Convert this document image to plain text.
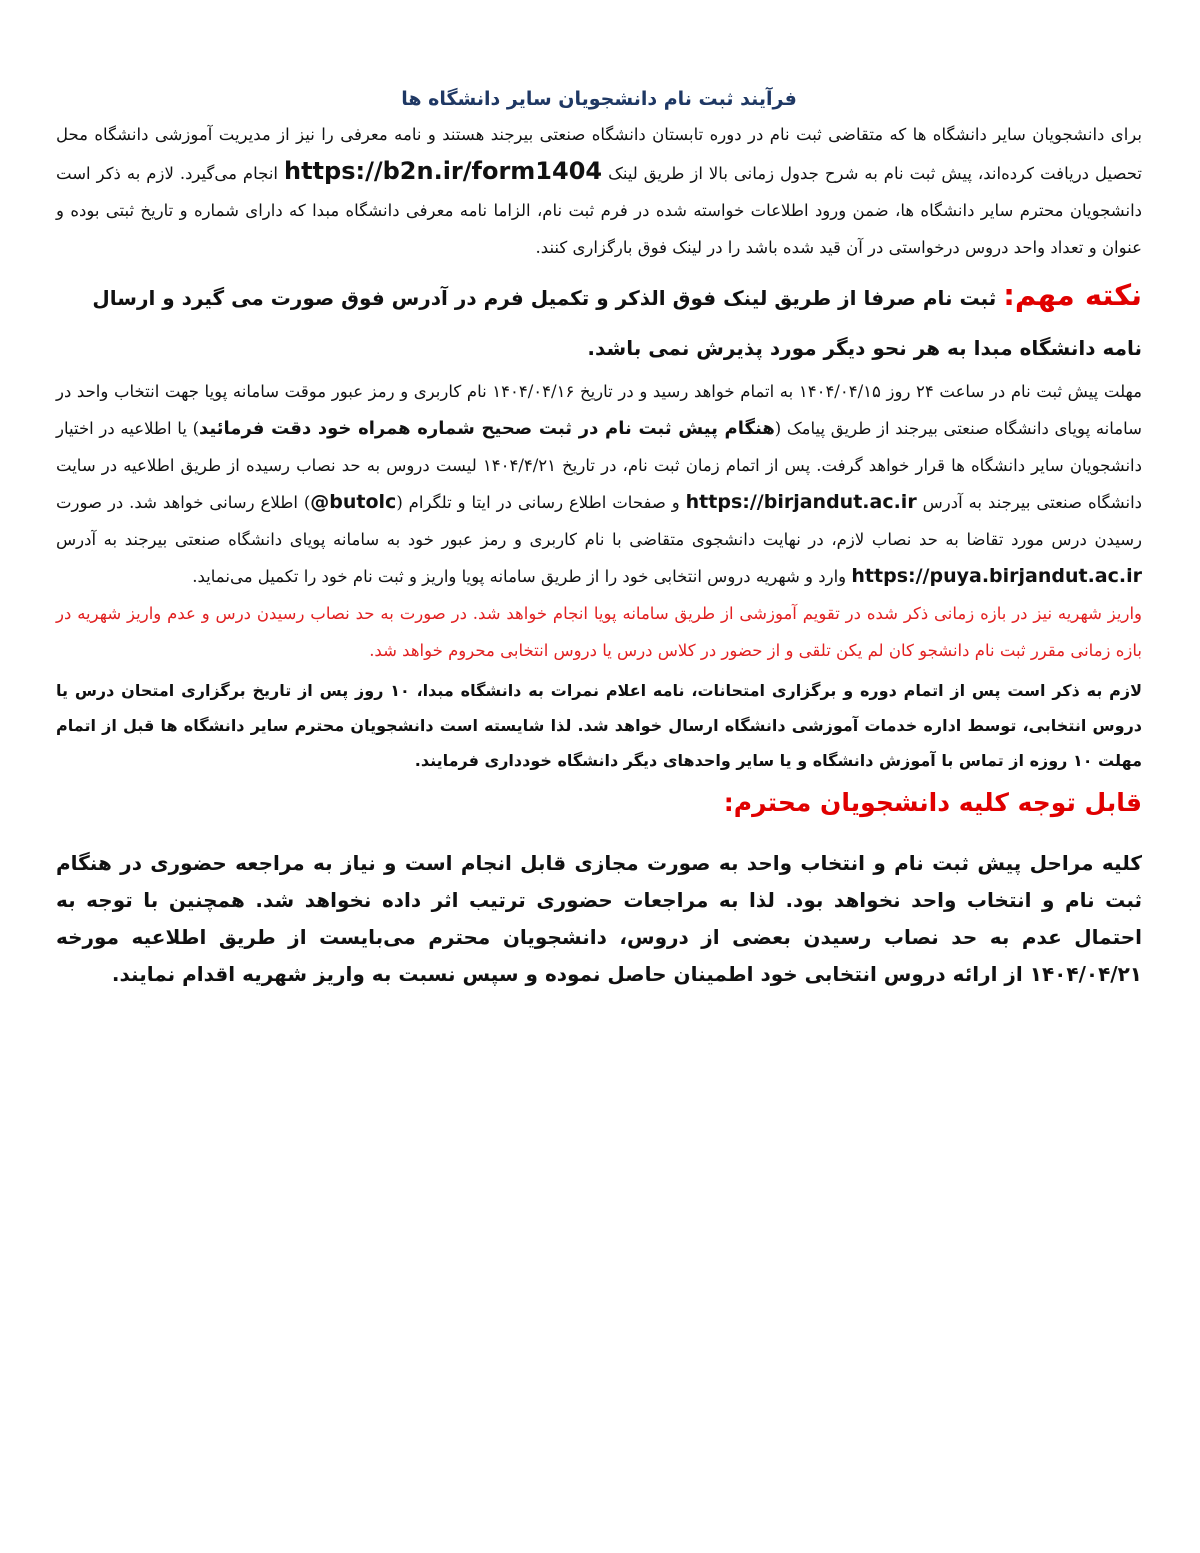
فرآیند ثبت نام دانشجویان سایر دانشگاه ها

برای دانشجویان سایر دانشگاه ها که متقاضی ثبت نام در دوره تابستان دانشگاه صنعتی بیرجند هستند و نامه معرفی را نیز از مدیریت آموزشی دانشگاه محل تحصیل دریافت کرده‌اند، پیش ثبت نام به شرح جدول زمانی بالا از طریق لینک https://b2n.ir/form1404 انجام می‌گیرد. لازم به ذکر است دانشجویان محترم سایر دانشگاه ها، ضمن ورود اطلاعات خواسته شده در فرم ثبت نام، الزاما نامه معرفی دانشگاه مبدا که دارای شماره و تاریخ ثبتی بوده و عنوان و تعداد واحد دروس درخواستی در آن قید شده باشد را در لینک فوق بارگزاری کنند.

نکته مهم: ثبت نام صرفا از طریق لینک فوق الذکر و تکمیل فرم در آدرس فوق صورت می گیرد و ارسال نامه دانشگاه مبدا به هر نحو دیگر مورد پذیرش نمی باشد.

مهلت پیش ثبت نام در ساعت ۲۴ روز ۱۴۰۴/۰۴/۱۵ به اتمام خواهد رسید و در تاریخ ۱۴۰۴/۰۴/۱۶ نام کاربری و رمز عبور موقت سامانه پویا جهت انتخاب واحد در سامانه پویای دانشگاه صنعتی بیرجند از طریق پیامک (هنگام پیش ثبت نام در ثبت صحیح شماره همراه خود دقت فرمائید) یا اطلاعیه در اختیار دانشجویان سایر دانشگاه ها قرار خواهد گرفت. پس از اتمام زمان ثبت نام، در تاریخ ۱۴۰۴/۴/۲۱ لیست دروس به حد نصاب رسیده از طریق اطلاعیه در سایت دانشگاه صنعتی بیرجند به آدرس https://birjandut.ac.ir و صفحات اطلاع رسانی در ایتا و تلگرام (@butolc) اطلاع رسانی خواهد شد. در صورت رسیدن درس مورد تقاضا به حد نصاب لازم، در نهایت دانشجوی متقاضی با نام کاربری و رمز عبور خود به سامانه پویای دانشگاه صنعتی بیرجند به آدرس https://puya.birjandut.ac.ir وارد و شهریه دروس انتخابی خود را از طریق سامانه پویا واریز و ثبت نام خود را تکمیل می‌نماید.

واریز شهریه نیز در بازه زمانی ذکر شده در تقویم آموزشی از طریق سامانه پویا انجام خواهد شد. در صورت به حد نصاب رسیدن درس و عدم واریز شهریه در بازه زمانی مقرر ثبت نام دانشجو کان لم یکن تلقی و از حضور در کلاس درس یا دروس انتخابی محروم خواهد شد.

لازم به ذکر است پس از اتمام دوره و برگزاری امتحانات، نامه اعلام نمرات به دانشگاه مبدا، ۱۰ روز پس از تاریخ برگزاری امتحان درس یا دروس انتخابی، توسط اداره خدمات آموزشی دانشگاه ارسال خواهد شد. لذا شایسته است دانشجویان محترم سایر دانشگاه ها قبل از اتمام مهلت ۱۰ روزه از تماس با آموزش دانشگاه و یا سایر واحدهای دیگر دانشگاه خودداری فرمایند.

قابل توجه کلیه دانشجویان محترم:

کلیه مراحل پیش ثبت نام و انتخاب واحد به صورت مجازی قابل انجام است و نیاز به مراجعه حضوری در هنگام ثبت نام و انتخاب واحد نخواهد بود. لذا به مراجعات حضوری ترتیب اثر داده نخواهد شد. همچنین با توجه به احتمال عدم به حد نصاب رسیدن بعضی از دروس، دانشجویان محترم می‌بایست از طریق اطلاعیه مورخه ۱۴۰۴/۰۴/۲۱ از ارائه دروس انتخابی خود اطمینان حاصل نموده و سپس نسبت به واریز شهریه اقدام نمایند.
